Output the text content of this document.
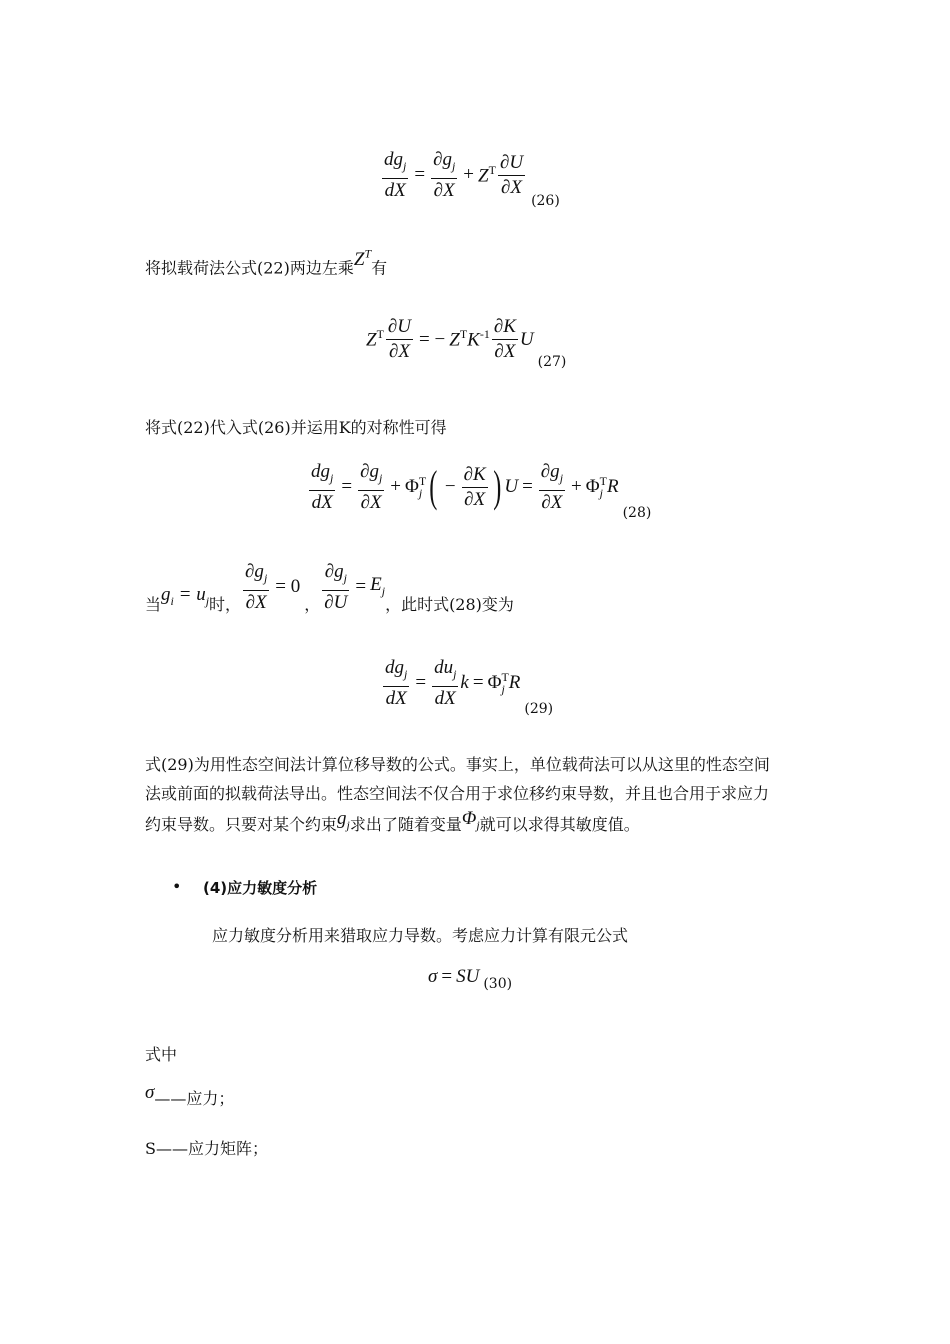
$\frac{dg_j}{dX} = \frac{\partial g_j}{\partial X} + Z^T \frac{\partial U}{\partial X}$
(26)
将拟载荷法公式(22)两边左乘$Z^T$有
$Z^T \frac{\partial U}{\partial X}$ = − $Z^TK^{-1} \frac{\partial K}{\partial X}$ U
(27)
将式(22)代入式(26)并运用K的对称性可得
$\frac{dg_j}{dX} = \frac{\partial g_j}{\partial X} + \Phi$ T
j ( − $\frac{\partial K}{\partial X}$ ) $U = \frac{\partial g_j}{\partial X} + \Phi$ T
j R
(28)
当 $g_i = u_j$ 时， $\frac{\partial g_j}{\partial X} = 0$
， $\frac{\partial g_j}{\partial U} = E_j$
，此时式(28)变为
$\frac{dg_j}{dX} = \frac{du_j}{dX}$ k = Φ T
j R
(29)
式(29)为用性态空间法计算位移导数的公式。事实上，单位载荷法可以从这里的性态空间
法或前面的拟载荷法导出。性态空间法不仅合用于求位移约束导数，并且也合用于求应力
约束导数。只要对某个约束$g_j$求出了随着变量$\Phi_j$就可以求得其敏度值。
• (4)应力敏度分析
应力敏度分析用来猎取应力导数。考虑应力计算有限元公式
σ = SU (30)
式中
σ——应力；
S——应力矩阵；
